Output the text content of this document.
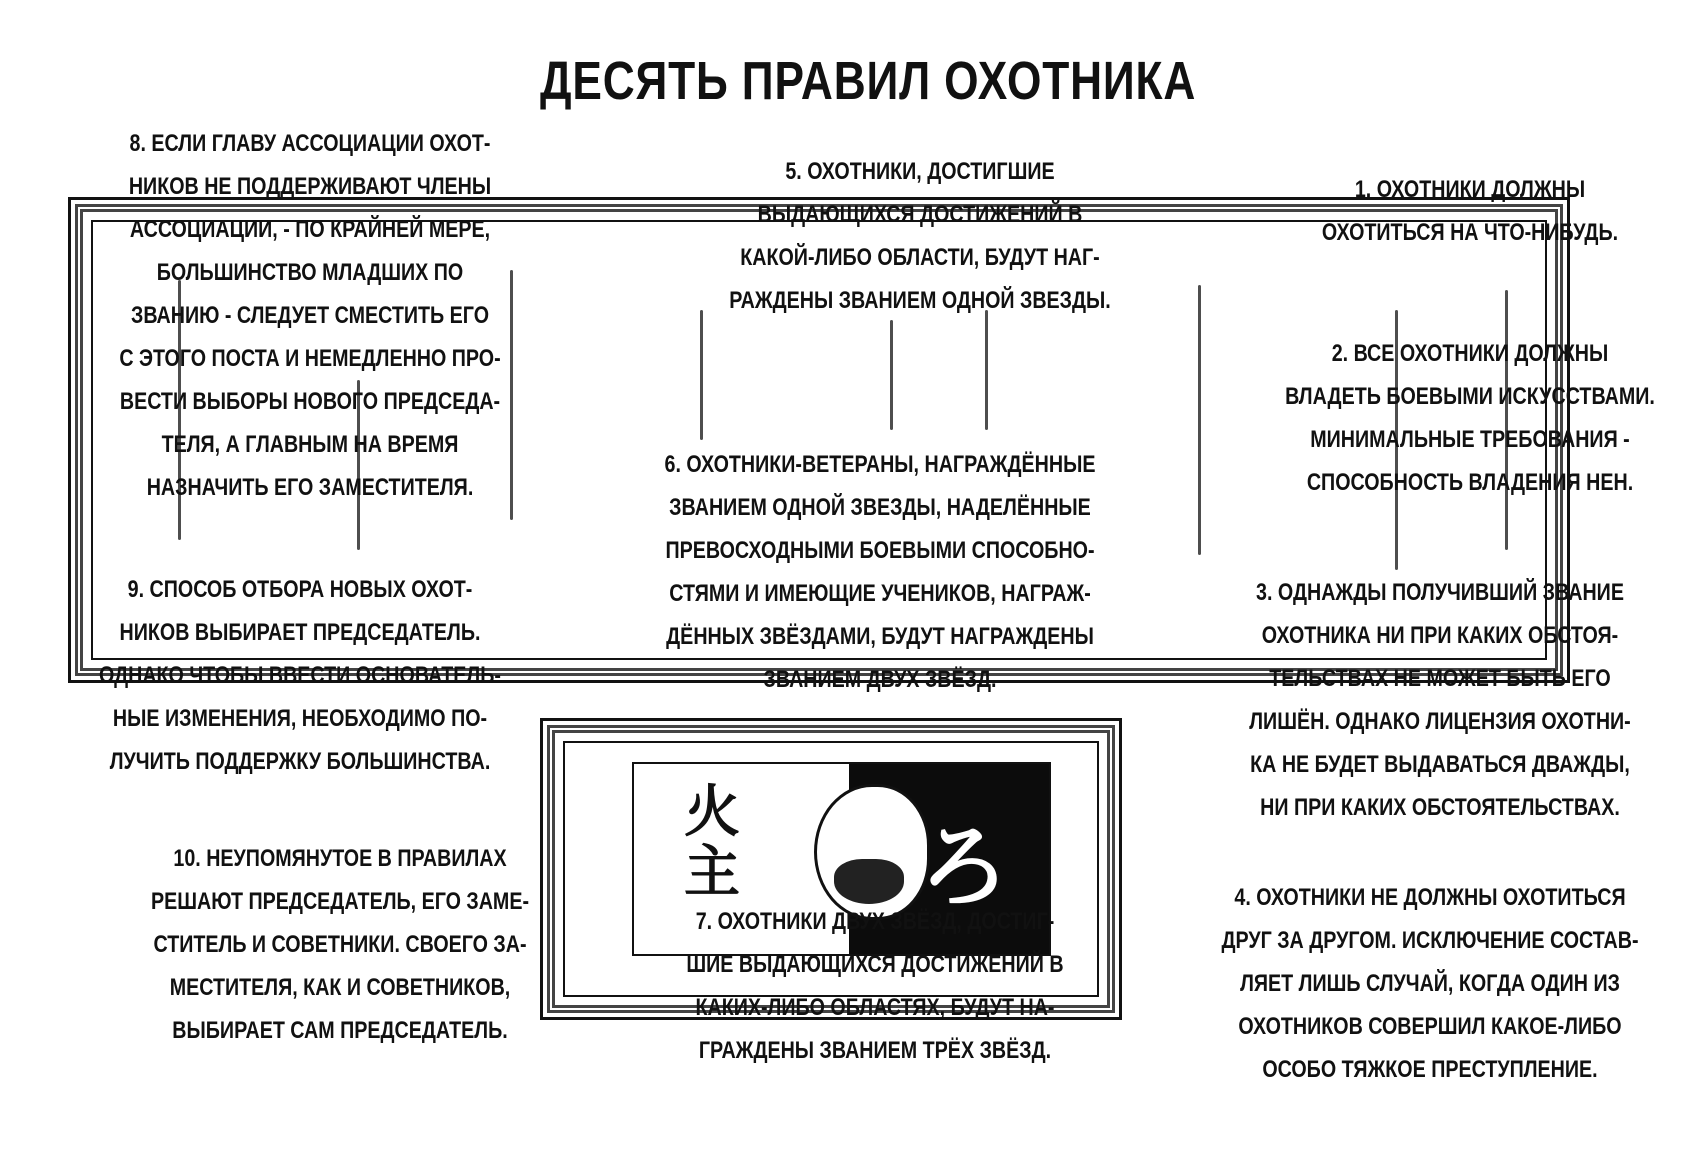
ДЕСЯТЬ ПРАВИЛ ОХОТНИКА
火
主 ろ
1. ОХОТНИКИ ДОЛЖНЫ
ОХОТИТЬСЯ НА ЧТО-НИБУДЬ.
2. ВСЕ ОХОТНИКИ ДОЛЖНЫ
ВЛАДЕТЬ БОЕВЫМИ ИСКУССТВАМИ.
МИНИМАЛЬНЫЕ ТРЕБОВАНИЯ -
СПОСОБНОСТЬ ВЛАДЕНИЯ НЕН.
3. ОДНАЖДЫ ПОЛУЧИВШИЙ ЗВАНИЕ
ОХОТНИКА НИ ПРИ КАКИХ ОБСТОЯ-
ТЕЛЬСТВАХ НЕ МОЖЕТ БЫТЬ ЕГО
ЛИШЁН. ОДНАКО ЛИЦЕНЗИЯ ОХОТНИ-
КА НЕ БУДЕТ ВЫДАВАТЬСЯ ДВАЖДЫ,
НИ ПРИ КАКИХ ОБСТОЯТЕЛЬСТВАХ.
4. ОХОТНИКИ НЕ ДОЛЖНЫ ОХОТИТЬСЯ
ДРУГ ЗА ДРУГОМ. ИСКЛЮЧЕНИЕ СОСТАВ-
ЛЯЕТ ЛИШЬ СЛУЧАЙ, КОГДА ОДИН ИЗ
ОХОТНИКОВ СОВЕРШИЛ КАКОЕ-ЛИБО
ОСОБО ТЯЖКОЕ ПРЕСТУПЛЕНИЕ.
5. ОХОТНИКИ, ДОСТИГШИЕ
ВЫДАЮЩИХСЯ ДОСТИЖЕНИЙ В
КАКОЙ-ЛИБО ОБЛАСТИ, БУДУТ НАГ-
РАЖДЕНЫ ЗВАНИЕМ ОДНОЙ ЗВЕЗДЫ.
6. ОХОТНИКИ-ВЕТЕРАНЫ, НАГРАЖДЁННЫЕ
ЗВАНИЕМ ОДНОЙ ЗВЕЗДЫ, НАДЕЛЁННЫЕ
ПРЕВОСХОДНЫМИ БОЕВЫМИ СПОСОБНО-
СТЯМИ И ИМЕЮЩИЕ УЧЕНИКОВ, НАГРАЖ-
ДЁННЫХ ЗВЁЗДАМИ, БУДУТ НАГРАЖДЕНЫ
ЗВАНИЕМ ДВУХ ЗВЁЗД.
7. ОХОТНИКИ ДВУХ ЗВЁЗД, ДОСТИГ-
ШИЕ ВЫДАЮЩИХСЯ ДОСТИЖЕНИЙ В
КАКИХ-ЛИБО ОБЛАСТЯХ, БУДУТ НА-
ГРАЖДЕНЫ ЗВАНИЕМ ТРЁХ ЗВЁЗД.
8. ЕСЛИ ГЛАВУ АССОЦИАЦИИ ОХОТ-
НИКОВ НЕ ПОДДЕРЖИВАЮТ ЧЛЕНЫ
АССОЦИАЦИИ, - ПО КРАЙНЕЙ МЕРЕ,
БОЛЬШИНСТВО МЛАДШИХ ПО
ЗВАНИЮ - СЛЕДУЕТ СМЕСТИТЬ ЕГО
С ЭТОГО ПОСТА И НЕМЕДЛЕННО ПРО-
ВЕСТИ ВЫБОРЫ НОВОГО ПРЕДСЕДА-
ТЕЛЯ, А ГЛАВНЫМ НА ВРЕМЯ
НАЗНАЧИТЬ ЕГО ЗАМЕСТИТЕЛЯ.
9. СПОСОБ ОТБОРА НОВЫХ ОХОТ-
НИКОВ ВЫБИРАЕТ ПРЕДСЕДАТЕЛЬ.
ОДНАКО ЧТОБЫ ВВЕСТИ ОСНОВАТЕЛЬ-
НЫЕ ИЗМЕНЕНИЯ, НЕОБХОДИМО ПО-
ЛУЧИТЬ ПОДДЕРЖКУ БОЛЬШИНСТВА.
10. НЕУПОМЯНУТОЕ В ПРАВИЛАХ
РЕШАЮТ ПРЕДСЕДАТЕЛЬ, ЕГО ЗАМЕ-
СТИТЕЛЬ И СОВЕТНИКИ. СВОЕГО ЗА-
МЕСТИТЕЛЯ, КАК И СОВЕТНИКОВ,
ВЫБИРАЕТ САМ ПРЕДСЕДАТЕЛЬ.
